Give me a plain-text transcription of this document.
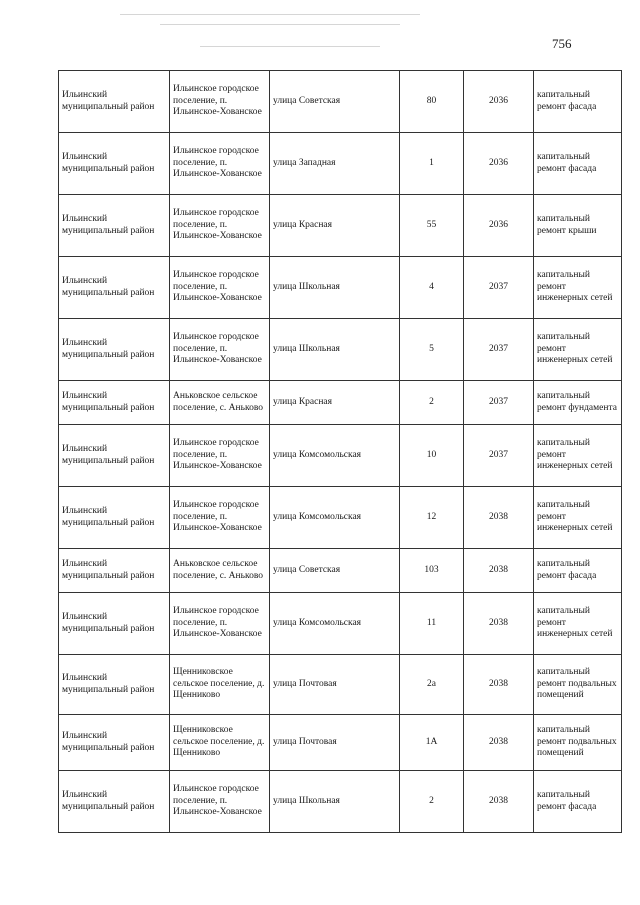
756
Ильинский муниципальный район	Ильинское городское поселение, п. Ильинское-Хованское	улица Советская	80	2036	капитальный ремонт фасада
Ильинский муниципальный район	Ильинское городское поселение, п. Ильинское-Хованское	улица Западная	1	2036	капитальный ремонт фасада
Ильинский муниципальный район	Ильинское городское поселение, п. Ильинское-Хованское	улица Красная	55	2036	капитальный ремонт крыши
Ильинский муниципальный район	Ильинское городское поселение, п. Ильинское-Хованское	улица Школьная	4	2037	капитальный ремонт инженерных сетей
Ильинский муниципальный район	Ильинское городское поселение, п. Ильинское-Хованское	улица Школьная	5	2037	капитальный ремонт инженерных сетей
Ильинский муниципальный район	Аньковское сельское поселение, с. Аньково	улица Красная	2	2037	капитальный ремонт фундамента
Ильинский муниципальный район	Ильинское городское поселение, п. Ильинское-Хованское	улица Комсомольская	10	2037	капитальный ремонт инженерных сетей
Ильинский муниципальный район	Ильинское городское поселение, п. Ильинское-Хованское	улица Комсомольская	12	2038	капитальный ремонт инженерных сетей
Ильинский муниципальный район	Аньковское сельское поселение, с. Аньково	улица Советская	103	2038	капитальный ремонт фасада
Ильинский муниципальный район	Ильинское городское поселение, п. Ильинское-Хованское	улица Комсомольская	11	2038	капитальный ремонт инженерных сетей
Ильинский муниципальный район	Щенниковское сельское поселение, д. Щенниково	улица Почтовая	2а	2038	капитальный ремонт подвальных помещений
Ильинский муниципальный район	Щенниковское сельское поселение, д. Щенниково	улица Почтовая	1А	2038	капитальный ремонт подвальных помещений
Ильинский муниципальный район	Ильинское городское поселение, п. Ильинское-Хованское	улица Школьная	2	2038	капитальный ремонт фасада
